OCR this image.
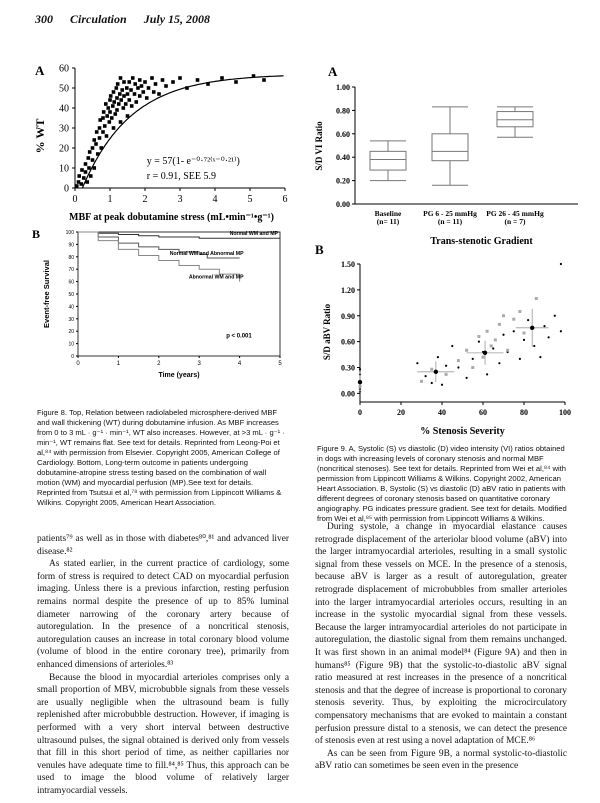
300 Circulation July 15, 2008
A
0
10
20
30
40
50
60
0	1	2	3	4	5	6
% WT
MBF at peak dobutamine stress (mL•min⁻¹•g⁻¹)
y = 57(1- e⁻⁰·⁷²⁽ˣ⁻⁰·²¹⁾)
r = 0.91, SEE 5.9
B
0
10
20
30
40
50
60
70
80
90
100
0	1	2	3	4	5
Event-free Survival
Time (years)
Normal WM and MP
Normal WM and Abnormal MP
Abnormal WM and MP
p < 0.001
A
0.00
0.20
0.40
0.60
0.80
1.00
S/D VI Ratio
Baseline
(n= 11)
PG 6 - 25 mmHg
(n = 11)
PG 26 - 45 mmHg
(n = 7)
Trans-stenotic Gradient
B
0.00
0.30
0.60
0.90
1.20
1.50
0	20	40	60	80	100
S/D aBV Ratio
% Stenosis Severity
Figure 8. Top, Relation between radiolabeled microsphere-derived MBF and wall thickening (WT) during dobutamine infusion. As MBF increases from 0 to 3 mL · g⁻¹ · min⁻¹, WT also increases. However, at >3 mL · g⁻¹ · min⁻¹, WT remains flat. See text for details. Reprinted from Leong-Poi et al,⁸⁴ with permission from Elsevier. Copyright 2005, American College of Cardiology. Bottom, Long-term outcome in patients undergoing dobutamine-atropine stress testing based on the combination of wall motion (WM) and myocardial perfusion (MP).See text for details. Reprinted from Tsutsui et al,⁷⁸ with permission from Lippincott Williams & Wilkins. Copyright 2005, American Heart Association.
Figure 9. A, Systolic (S) vs diastolic (D) video intensity (VI) ratios obtained in dogs with increasing levels of coronary stenosis and normal MBF (noncritical stenoses). See text for details. Reprinted from Wei et al,⁸⁴ with permission from Lippincott Williams & Wilkins. Copyright 2002, American Heart Association. B, Systolic (S) vs diastolic (D) aBV ratio in patients with different degrees of coronary stenosis based on quantitative coronary angiography. PG indicates pressure gradient. See text for details. Modified from Wei et al,⁸⁵ with permission from Lippincott Williams & Wilkins.

patients⁷⁹ as well as in those with diabetes⁸⁰,⁸¹ and advanced liver disease.⁸²

As stated earlier, in the current practice of cardiology, some form of stress is required to detect CAD on myocardial perfusion imaging. Unless there is a previous infarction, resting perfusion remains normal despite the presence of up to 85% luminal diameter narrowing of the coronary artery because of autoregulation. In the presence of a noncritical stenosis, autoregulation causes an increase in total coronary blood volume (volume of blood in the entire coronary tree), primarily from enhanced dimensions of arterioles.⁸³

Because the blood in myocardial arterioles comprises only a small proportion of MBV, microbubble signals from these vessels are usually negligible when the ultrasound beam is fully replenished after microbubble destruction. However, if imaging is performed with a very short interval between destructive ultrasound pulses, the signal obtained is derived only from vessels that fill in this short period of time, as neither capillaries nor venules have adequate time to fill.⁸⁴,⁸⁵ Thus, this approach can be used to image the blood volume of relatively larger intramyocardial vessels.

During systole, a change in myocardial elastance causes retrograde displacement of the arteriolar blood volume (aBV) into the larger intramyocardial arterioles, resulting in a small systolic signal from these vessels on MCE. In the presence of a stenosis, because aBV is larger as a result of autoregulation, greater retrograde displacement of microbubbles from smaller arterioles into the larger intramyocardial arterioles occurs, resulting in an increase in the systolic myocardial signal from these vessels. Because the larger intramyocardial arterioles do not participate in autoregulation, the diastolic signal from them remains unchanged. It was first shown in an animal model⁸⁴ (Figure 9A) and then in humans⁸⁵ (Figure 9B) that the systolic-to-diastolic aBV signal ratio measured at rest increases in the presence of a noncritical stenosis and that the degree of increase is proportional to coronary stenosis severity. Thus, by exploiting the microcirculatory compensatory mechanisms that are evoked to maintain a constant perfusion pressure distal to a stenosis, we can detect the presence of stenosis even at rest using a novel adaptation of MCE.⁸⁶

As can be seen from Figure 9B, a normal systolic-to-diastolic aBV ratio can sometimes be seen even in the presence
